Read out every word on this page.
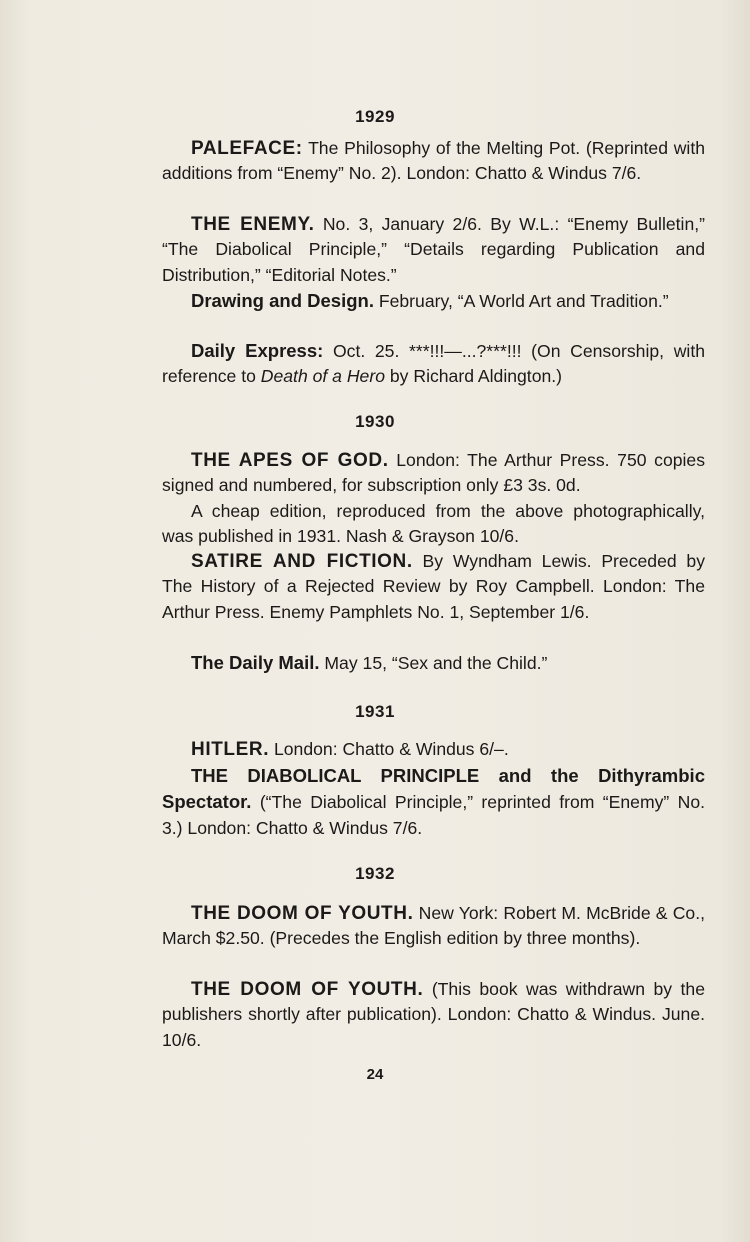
1929

PALEFACE: The Philosophy of the Melting Pot. (Reprinted with additions from “Enemy” No. 2). London: Chatto & Windus 7/6.

THE ENEMY. No. 3, January 2/6. By W.L.: “Enemy Bulletin,” “The Diabolical Principle,” “Details regarding Publication and Distribution,” “Editorial Notes.”

Drawing and Design. February, “A World Art and Tradition.”

Daily Express: Oct. 25. ***!!!—...?***!!! (On Censorship, with reference to Death of a Hero by Richard Aldington.)

1930

THE APES OF GOD. London: The Arthur Press. 750 copies signed and numbered, for subscription only £3 3s. 0d.

A cheap edition, reproduced from the above photographically, was published in 1931. Nash & Grayson 10/6.

SATIRE AND FICTION. By Wyndham Lewis. Preceded by The History of a Rejected Review by Roy Campbell. London: The Arthur Press. Enemy Pamphlets No. 1, September 1/6.

The Daily Mail. May 15, “Sex and the Child.”

1931

HITLER. London: Chatto & Windus 6/–.

THE DIABOLICAL PRINCIPLE and the Dithyrambic Spectator. (“The Diabolical Principle,” reprinted from “Enemy” No. 3.) London: Chatto & Windus 7/6.

1932

THE DOOM OF YOUTH. New York: Robert M. McBride & Co., March $2.50. (Precedes the English edition by three months).

THE DOOM OF YOUTH. (This book was withdrawn by the publishers shortly after publication). London: Chatto & Windus. June. 10/6.

24
